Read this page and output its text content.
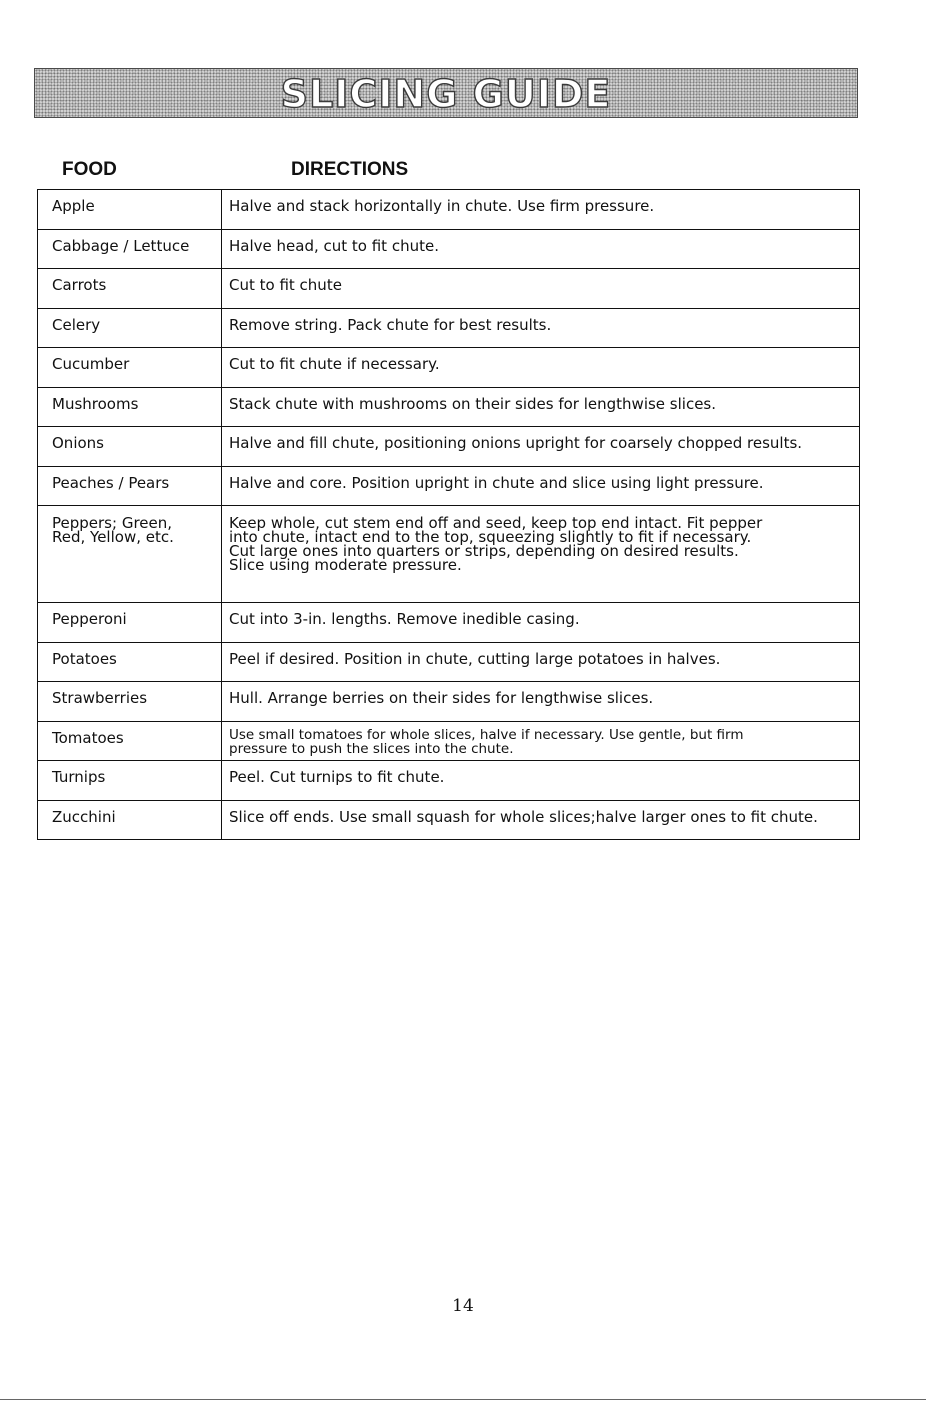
SLICING GUIDE
FOOD	DIRECTIONS
Apple	Halve and stack horizontally in chute. Use firm pressure.
Cabbage / Lettuce	Halve head, cut to fit chute.
Carrots	Cut to fit chute
Celery	Remove string. Pack chute for best results.
Cucumber	Cut to fit chute if necessary.
Mushrooms	Stack chute with mushrooms on their sides for lengthwise slices.
Onions	Halve and fill chute, positioning onions upright for coarsely chopped results.
Peaches / Pears	Halve and core. Position upright in chute and slice using light pressure.
Peppers; Green,
Red, Yellow, etc.	Keep whole, cut stem end off and seed, keep top end intact. Fit pepper
into chute, intact end to the top, squeezing slightly to fit if necessary.
Cut large ones into quarters or strips, depending on desired results.
Slice using moderate pressure.
Pepperoni	Cut into 3-in. lengths. Remove inedible casing.
Potatoes	Peel if desired. Position in chute, cutting large potatoes in halves.
Strawberries	Hull. Arrange berries on their sides for lengthwise slices.
Tomatoes	Use small tomatoes for whole slices, halve if necessary. Use gentle, but firm
pressure to push the slices into the chute.
Turnips	Peel. Cut turnips to fit chute.
Zucchini	Slice off ends. Use small squash for whole slices;halve larger ones to fit chute.
14
